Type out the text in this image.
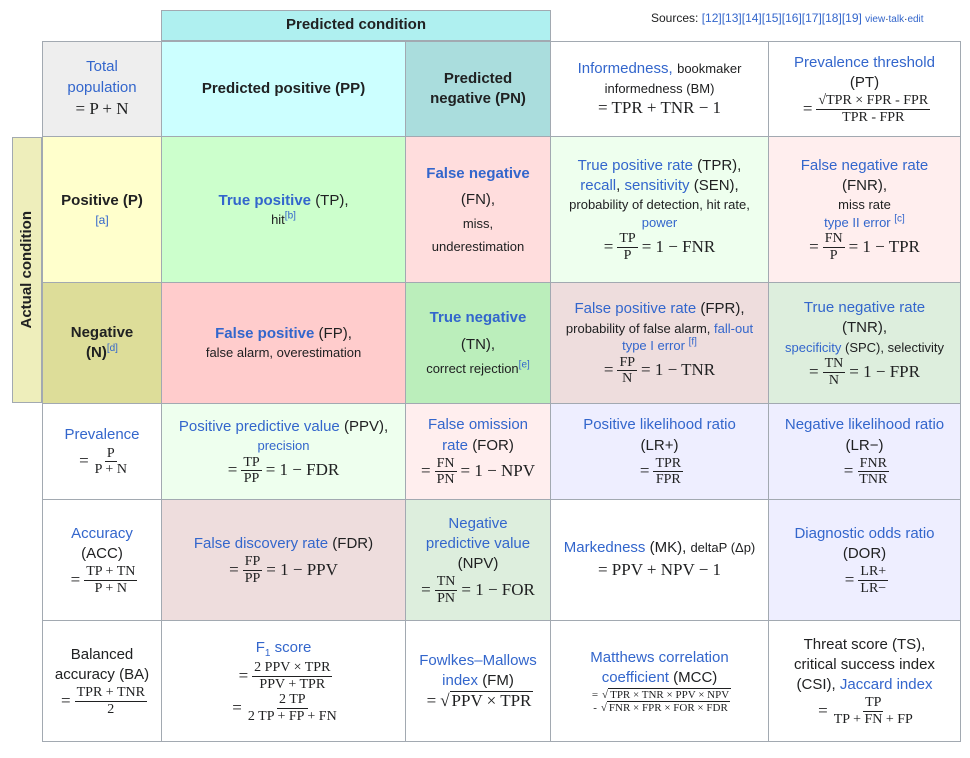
Predicted condition	Sources: [12][13][14][15][16][17][18][19] view·talk·edit
Actual condition
Total
population
= P + N
Predicted positive (PP)
Predicted
negative (PN)
Informedness, bookmaker
informedness (BM)
= TPR + TNR − 1
Prevalence threshold
(PT)
= $\frac{\text{√TPR × FPR - FPR}}{\text{TPR - FPR}}$
Positive (P)
[a]
True positive (TP),
hit[b]
False negative
(FN),
miss,
underestimation
True positive rate (TPR),
recall, sensitivity (SEN),
probability of detection, hit rate,
power
= $\frac{TP}{P} = 1$ − FNR
False negative rate
(FNR),
miss rate
type II error [c]
= $\frac{FN}{P} = 1$ − TPR
Negative
(N)[d]
False positive (FP),
false alarm, overestimation
True negative
(TN),
correct rejection[e]
False positive rate (FPR),
probability of false alarm, fall-out
type I error [f]
= $\frac{FP}{N} = 1$ − TNR
True negative rate
(TNR),
specificity (SPC), selectivity
= $\frac{TN}{N} = 1$ − FPR
Prevalence
= $\frac{P}{P + N}$
Positive predictive value (PPV),
precision
= $\frac{TP}{PP} = 1$ − FDR
False omission
rate (FOR)
= $\frac{FN}{PN} = 1$ − NPV
Positive likelihood ratio
(LR+)
= $\frac{\text{TPR}}{\text{FPR}}$
Negative likelihood ratio
(LR−)
= $\frac{\text{FNR}}{\text{TNR}}$
Accuracy
(ACC)
= $\frac{TP + TN}{P + N}$
False discovery rate (FDR)
= $\frac{FP}{PP} = 1$ − PPV
Negative
predictive value
(NPV)
= $\frac{TN}{PN} = 1$ − FOR
Markedness (MK), deltaP (Δp)
= PPV + NPV − 1
Diagnostic odds ratio
(DOR)
= $\frac{LR+}{LR-}$
Balanced
accuracy (BA)
= $\frac{\text{TPR + TNR}}{2}$
$F_1$ score
= $\frac{\text{2 PPV × TPR}}{\text{PPV + TPR}}$
= $\frac{2 TP}{2 TP + FP + FN}$
Fowlkes–Mallows
index (FM)
= √ PPV × TPR
Matthews correlation
coefficient (MCC)
= √ TPR × TNR × PPV × NPV
- √ FNR × FPR × FOR × FDR
Threat score (TS),
critical success index
(CSI), Jaccard index
= $\frac{TP}{TP + FN + FP}$
